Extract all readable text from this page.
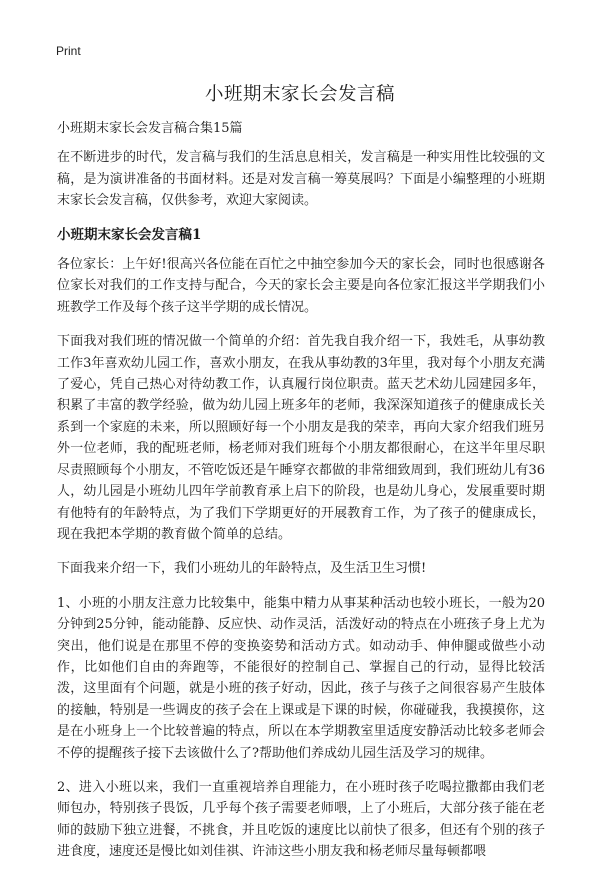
Print
小班期末家长会发言稿

小班期末家长会发言稿合集15篇

在不断进步的时代，发言稿与我们的生活息息相关，发言稿是一种实用性比较强的文稿，是为演讲准备的书面材料。还是对发言稿一筹莫展吗？下面是小编整理的小班期末家长会发言稿，仅供参考，欢迎大家阅读。

小班期末家长会发言稿1

各位家长：上午好!很高兴各位能在百忙之中抽空参加今天的家长会，同时也很感谢各位家长对我们的工作支持与配合，今天的家长会主要是向各位家汇报这半学期我们小班教学工作及每个孩子这半学期的成长情况。

下面我对我们班的情况做一个简单的介绍：首先我自我介绍一下，我姓毛，从事幼教工作3年喜欢幼儿园工作，喜欢小朋友，在我从事幼教的3年里，我对每个小朋友充满了爱心，凭自己热心对待幼教工作，认真履行岗位职责。蓝天艺术幼儿园建园多年，积累了丰富的教学经验，做为幼儿园上班多年的老师，我深深知道孩子的健康成长关系到一个家庭的未来，所以照顾好每一个小朋友是我的荣幸，再向大家介绍我们班另外一位老师，我的配班老师，杨老师对我们班每个小朋友都很耐心，在这半年里尽职尽责照顾每个小朋友，不管吃饭还是午睡穿衣都做的非常细致周到，我们班幼儿有36人，幼儿园是小班幼儿四年学前教育承上启下的阶段，也是幼儿身心，发展重要时期有他特有的年龄特点，为了我们下学期更好的开展教育工作，为了孩子的健康成长，现在我把本学期的教育做个简单的总结。

下面我来介绍一下，我们小班幼儿的年龄特点，及生活卫生习惯!

1、小班的小朋友注意力比较集中，能集中精力从事某种活动也较小班长，一般为20分钟到25分钟，能动能静、反应快、动作灵活，活泼好动的特点在小班孩子身上尤为突出，他们说是在那里不停的变换姿势和活动方式。如动动手、伸伸腿或做些小动作，比如他们自由的奔跑等，不能很好的控制自己、掌握自己的行动，显得比较活泼，这里面有个问题，就是小班的孩子好动，因此，孩子与孩子之间很容易产生肢体的接触，特别是一些调皮的孩子会在上课或是下课的时候，你碰碰我，我摸摸你，这是在小班身上一个比较普遍的特点，所以在本学期教室里适度安静活动比较多老师会不停的提醒孩子接下去该做什么了?帮助他们养成幼儿园生活及学习的规律。

2、进入小班以来，我们一直重视培养自理能力，在小班时孩子吃喝拉撒都由我们老师包办，特别孩子畏饭，几乎每个孩子需要老师喂，上了小班后，大部分孩子能在老师的鼓励下独立进餐，不挑食，并且吃饭的速度比以前快了很多，但还有个别的孩子进食度，速度还是慢比如刘佳祺、许沛这些小朋友我和杨老师尽量每顿都喂
